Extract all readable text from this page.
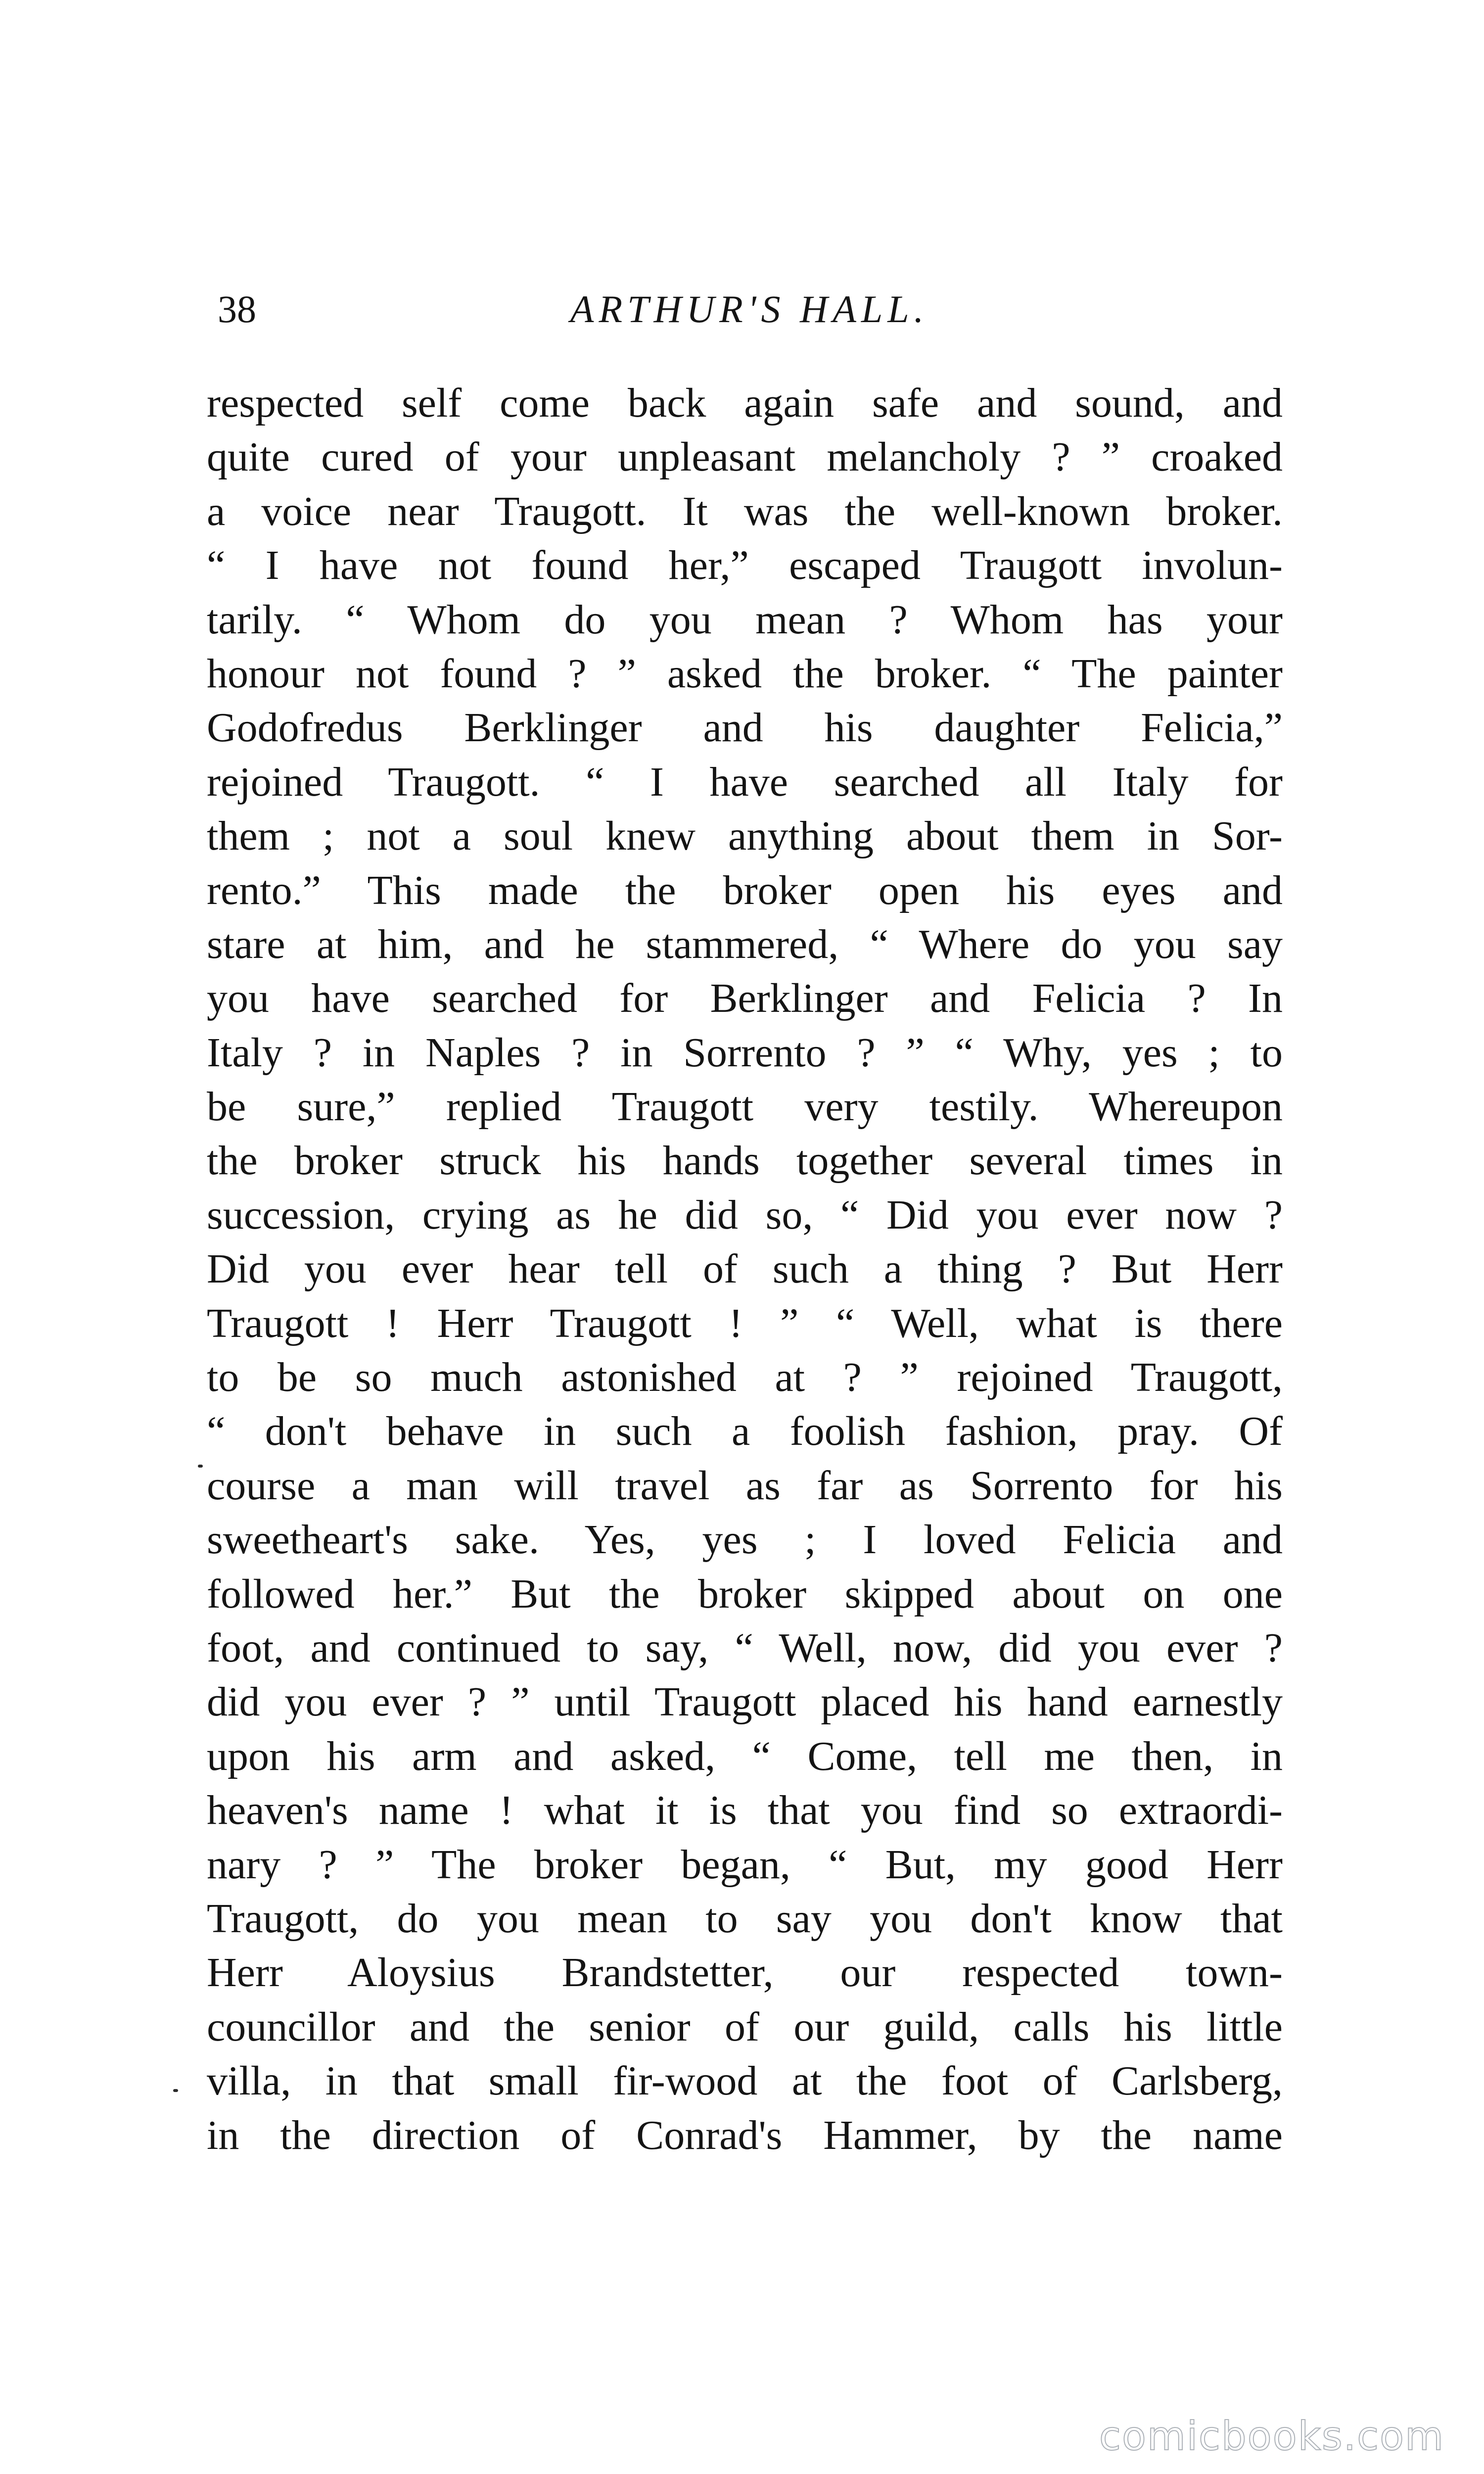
38	ARTHUR'S HALL.
respected self come back again safe and sound, and
quite cured of your unpleasant melancholy ? ” croaked
a voice near Traugott. It was the well-known broker.
“ I have not found her,” escaped Traugott involun-
tarily. “ Whom do you mean ? Whom has your
honour not found ? ” asked the broker. “ The painter
Godofredus Berklinger and his daughter Felicia,”
rejoined Traugott. “ I have searched all Italy for
them ; not a soul knew anything about them in Sor-
rento.” This made the broker open his eyes and
stare at him, and he stammered, “ Where do you say
you have searched for Berklinger and Felicia ? In
Italy ? in Naples ? in Sorrento ? ” “ Why, yes ; to
be sure,” replied Traugott very testily. Whereupon
the broker struck his hands together several times in
succession, crying as he did so, “ Did you ever now ?
Did you ever hear tell of such a thing ? But Herr
Traugott ! Herr Traugott ! ” “ Well, what is there
to be so much astonished at ? ” rejoined Traugott,
“ don't behave in such a foolish fashion, pray. Of
course a man will travel as far as Sorrento for his
sweetheart's sake. Yes, yes ; I loved Felicia and
followed her.” But the broker skipped about on one
foot, and continued to say, “ Well, now, did you ever ?
did you ever ? ” until Traugott placed his hand earnestly
upon his arm and asked, “ Come, tell me then, in
heaven's name ! what it is that you find so extraordi-
nary ? ” The broker began, “ But, my good Herr
Traugott, do you mean to say you don't know that
Herr Aloysius Brandstetter, our respected town-
councillor and the senior of our guild, calls his little
villa, in that small fir-wood at the foot of Carlsberg,
in the direction of Conrad's Hammer, by the name
comicbooks.com
